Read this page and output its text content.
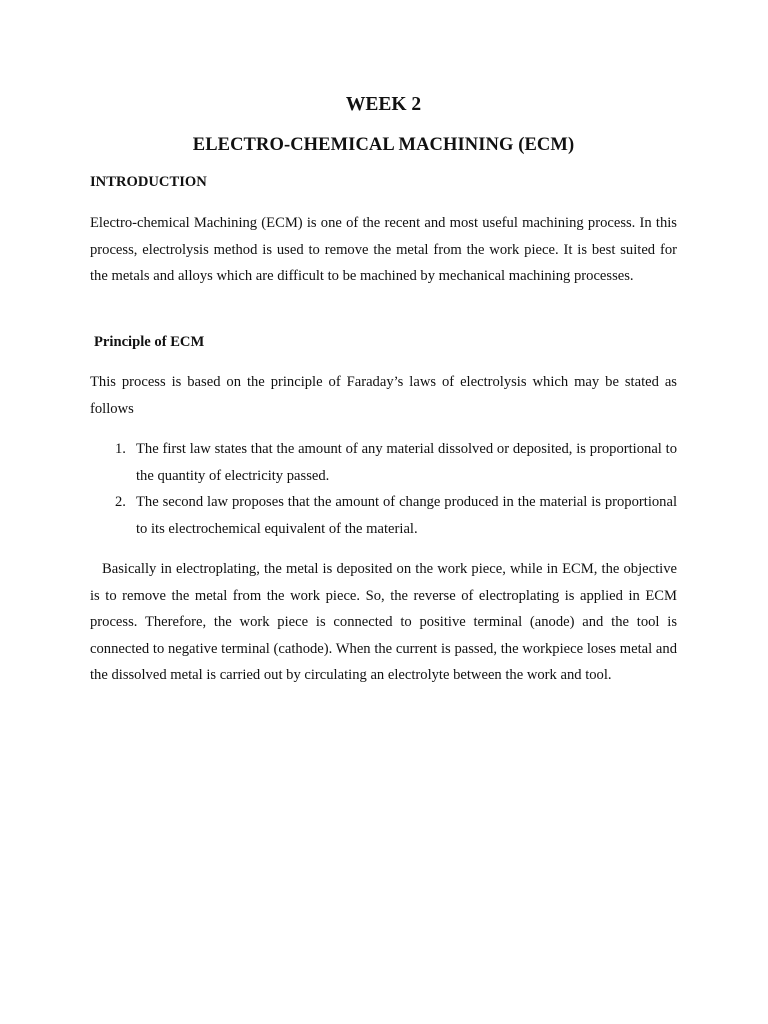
WEEK 2
ELECTRO-CHEMICAL MACHINING (ECM)
INTRODUCTION
Electro-chemical Machining (ECM) is one of the recent and most useful machining process. In this process, electrolysis method is used to remove the metal from the work piece. It is best suited for the metals and alloys which are difficult to be machined by mechanical machining processes.
Principle of ECM
This process is based on the principle of Faraday’s laws of electrolysis which may be stated as follows
1. The first law states that the amount of any material dissolved or deposited, is proportional to the quantity of electricity passed.
2. The second law proposes that the amount of change produced in the material is proportional to its electrochemical equivalent of the material.
Basically in electroplating, the metal is deposited on the work piece, while in ECM, the objective is to remove the metal from the work piece. So, the reverse of electroplating is applied in ECM process. Therefore, the work piece is connected to positive terminal (anode) and the tool is connected to negative terminal (cathode). When the current is passed, the workpiece loses metal and the dissolved metal is carried out by circulating an electrolyte between the work and tool.
